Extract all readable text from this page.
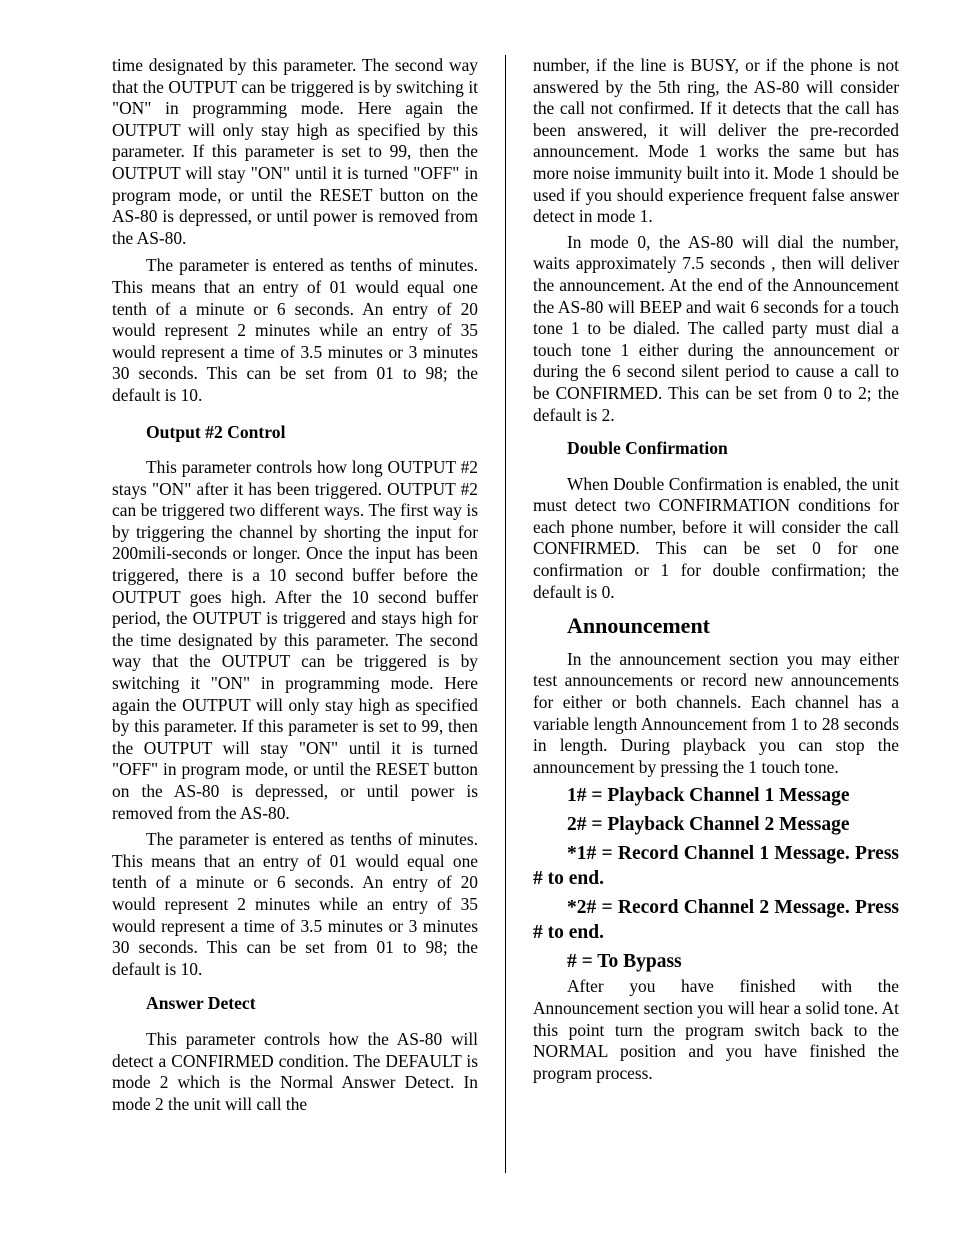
time designated by this parameter. The second way that the OUTPUT can be triggered is by switching it "ON" in programming mode. Here again the OUTPUT will only stay high as specified by this parameter. If this parameter is set to 99, then the OUTPUT will stay "ON" until it is turned "OFF" in program mode, or until the RESET button on the AS-80 is depressed, or until power is removed from the AS-80.

The parameter is entered as tenths of minutes. This means that an entry of 01 would equal one tenth of a minute or 6 seconds. An entry of 20 would represent 2 minutes while an entry of 35 would represent a time of 3.5 minutes or 3 minutes 30 seconds. This can be set from 01 to 98; the default is 10.

Output #2 Control

This parameter controls how long OUTPUT #2 stays "ON" after it has been triggered. OUTPUT #2 can be triggered two different ways. The first way is by triggering the channel by shorting the input for 200mili-seconds or longer. Once the input has been triggered, there is a 10 second buffer before the OUTPUT goes high. After the 10 second buffer period, the OUTPUT is triggered and stays high for the time designated by this parameter. The second way that the OUTPUT can be triggered is by switching it "ON" in programming mode. Here again the OUTPUT will only stay high as specified by this parameter. If this parameter is set to 99, then the OUTPUT will stay "ON" until it is turned "OFF" in program mode, or until the RESET button on the AS-80 is depressed, or until power is removed from the AS-80.

The parameter is entered as tenths of minutes. This means that an entry of 01 would equal one tenth of a minute or 6 seconds. An entry of 20 would represent 2 minutes while an entry of 35 would represent a time of 3.5 minutes or 3 minutes 30 seconds. This can be set from 01 to 98; the default is 10.

Answer Detect

This parameter controls how the AS-80 will detect a CONFIRMED condition. The DEFAULT is mode 2 which is the Normal Answer Detect. In mode 2 the unit will call the

number, if the line is BUSY, or if the phone is not answered by the 5th ring, the AS-80 will consider the call not confirmed. If it detects that the call has been answered, it will deliver the pre-recorded announcement. Mode 1 works the same but has more noise immunity built into it. Mode 1 should be used if you should experience frequent false answer detect in mode 1.

In mode 0, the AS-80 will dial the number, waits approximately 7.5 seconds , then will deliver the announcement. At the end of the Announcement the AS-80 will BEEP and wait 6 seconds for a touch tone 1 to be dialed. The called party must dial a touch tone 1 either during the announcement or during the 6 second silent period to cause a call to be CONFIRMED. This can be set from 0 to 2; the default is 2.

Double Confirmation

When Double Confirmation is enabled, the unit must detect two CONFIRMATION conditions for each phone number, before it will consider the call CONFIRMED. This can be set 0 for one confirmation or 1 for double confirmation; the default is 0.

Announcement

In the announcement section you may either test announcements or record new announcements for either or both channels. Each channel has a variable length Announcement from 1 to 28 seconds in length. During playback you can stop the announcement by pressing the 1 touch tone.

1# = Playback Channel 1 Message

2# = Playback Channel 2 Message

*1# = Record Channel 1 Message. Press # to end.

*2# = Record Channel 2 Message. Press # to end.

# = To Bypass

After you have finished with the Announcement section you will hear a solid tone. At this point turn the program switch back to the NORMAL position and you have finished the program process.
